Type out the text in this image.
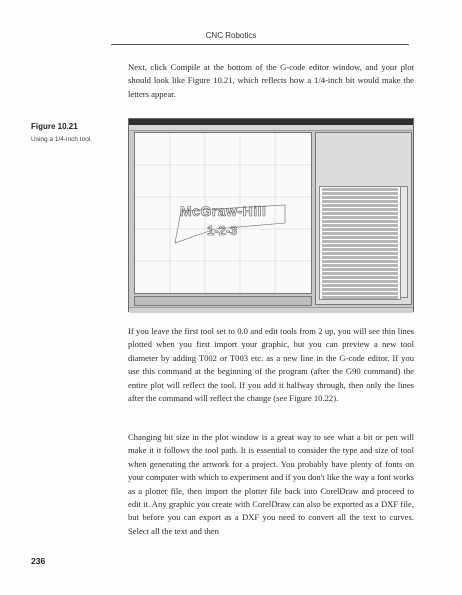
CNC Robotics

Next, click Compile at the bottom of the G-code editor window, and your plot should look like Figure 10.21, which reflects how a 1/4-inch bit would make the letters appear.

Figure 10.21
Using a 1/4-inch tool.
McGraw-Hill
1-2-3

If you leave the first tool set to 0.0 and edit tools from 2 up, you will see thin lines plotted when you first import your graphic, but you can preview a new tool diameter by adding T002 or T003 etc. as a new line in the G-code editor. If you use this command at the beginning of the program (after the G90 command) the entire plot will reflect the tool. If you add it halfway through, then only the lines after the command will reflect the change (see Figure 10.22).

Changing bit size in the plot window is a great way to see what a bit or pen will make it it follows the tool path. It is essential to consider the type and size of tool when generating the artwork for a project. You probably have plenty of fonts on your computer with which to experiment and if you don't like the way a font works as a plotter file, then import the plotter file back into CorelDraw and proceed to edit it. Any graphic you create with CorelDraw can also be exported as a DXF file, but before you can export as a DXF you need to convert all the text to curves. Select all the text and then

236
